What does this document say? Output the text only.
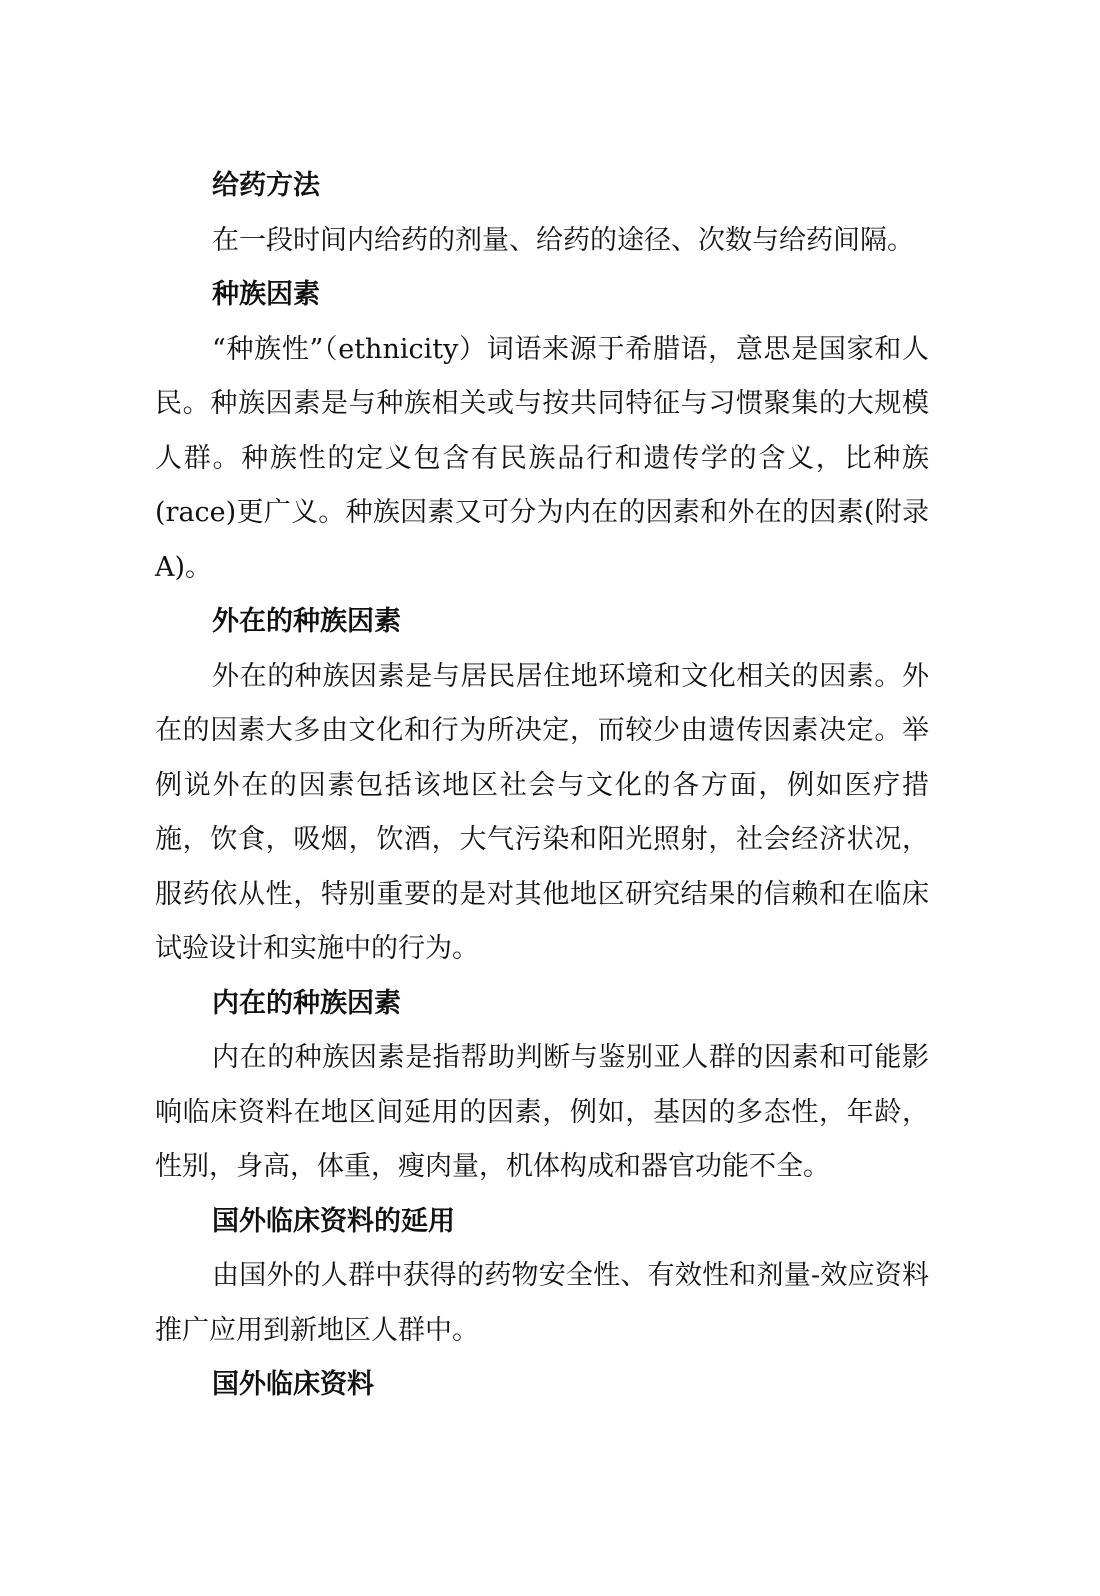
给药方法

在一段时间内给药的剂量、给药的途径、次数与给药间隔。

种族因素

“种族性”（ethnicity）词语来源于希腊语，意思是国家和人民。种族因素是与种族相关或与按共同特征与习惯聚集的大规模人群。种族性的定义包含有民族品行和遗传学的含义，比种族(race)更广义。种族因素又可分为内在的因素和外在的因素(附录 A)。

外在的种族因素

外在的种族因素是与居民居住地环境和文化相关的因素。外在的因素大多由文化和行为所决定，而较少由遗传因素决定。举例说外在的因素包括该地区社会与文化的各方面，例如医疗措施，饮食，吸烟，饮酒，大气污染和阳光照射，社会经济状况，服药依从性，特别重要的是对其他地区研究结果的信赖和在临床试验设计和实施中的行为。

内在的种族因素

内在的种族因素是指帮助判断与鉴别亚人群的因素和可能影响临床资料在地区间延用的因素，例如，基因的多态性，年龄，性别，身高，体重，瘦肉量，机体构成和器官功能不全。

国外临床资料的延用

由国外的人群中获得的药物安全性、有效性和剂量-效应资料推广应用到新地区人群中。

国外临床资料
